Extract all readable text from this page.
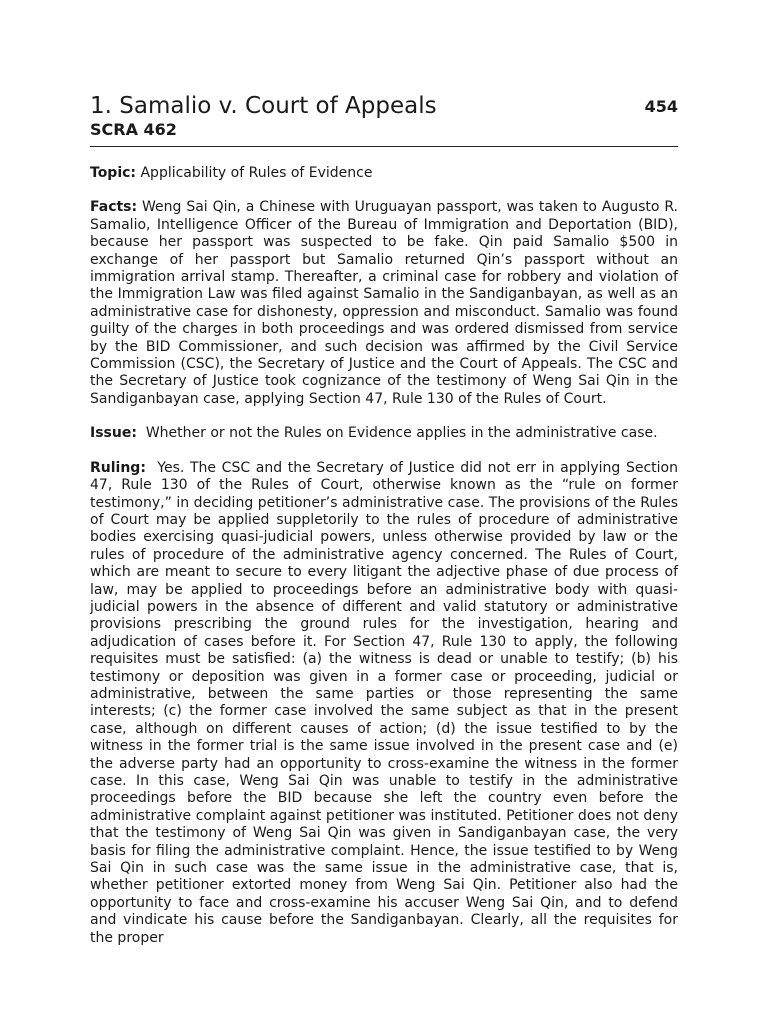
1. Samalio v. Court of Appeals	454
SCRA 462

Topic: Applicability of Rules of Evidence

Facts: Weng Sai Qin, a Chinese with Uruguayan passport, was taken to Augusto R. Samalio, Intelligence Officer of the Bureau of Immigration and Deportation (BID), because her passport was suspected to be fake. Qin paid Samalio $500 in exchange of her passport but Samalio returned Qin’s passport without an immigration arrival stamp. Thereafter, a criminal case for robbery and violation of the Immigration Law was filed against Samalio in the Sandiganbayan, as well as an administrative case for dishonesty, oppression and misconduct. Samalio was found guilty of the charges in both proceedings and was ordered dismissed from service by the BID Commissioner, and such decision was affirmed by the Civil Service Commission (CSC), the Secretary of Justice and the Court of Appeals. The CSC and the Secretary of Justice took cognizance of the testimony of Weng Sai Qin in the Sandiganbayan case, applying Section 47, Rule 130 of the Rules of Court.

Issue: Whether or not the Rules on Evidence applies in the administrative case.

Ruling: Yes. The CSC and the Secretary of Justice did not err in applying Section 47, Rule 130 of the Rules of Court, otherwise known as the “rule on former testimony,” in deciding petitioner’s administrative case. The provisions of the Rules of Court may be applied suppletorily to the rules of procedure of administrative bodies exercising quasi-judicial powers, unless otherwise provided by law or the rules of procedure of the administrative agency concerned. The Rules of Court, which are meant to secure to every litigant the adjective phase of due process of law, may be applied to proceedings before an administrative body with quasi-judicial powers in the absence of different and valid statutory or administrative provisions prescribing the ground rules for the investigation, hearing and adjudication of cases before it. For Section 47, Rule 130 to apply, the following requisites must be satisfied: (a) the witness is dead or unable to testify; (b) his testimony or deposition was given in a former case or proceeding, judicial or administrative, between the same parties or those representing the same interests; (c) the former case involved the same subject as that in the present case, although on different causes of action; (d) the issue testified to by the witness in the former trial is the same issue involved in the present case and (e) the adverse party had an opportunity to cross-examine the witness in the former case. In this case, Weng Sai Qin was unable to testify in the administrative proceedings before the BID because she left the country even before the administrative complaint against petitioner was instituted. Petitioner does not deny that the testimony of Weng Sai Qin was given in Sandiganbayan case, the very basis for filing the administrative complaint. Hence, the issue testified to by Weng Sai Qin in such case was the same issue in the administrative case, that is, whether petitioner extorted money from Weng Sai Qin. Petitioner also had the opportunity to face and cross-examine his accuser Weng Sai Qin, and to defend and vindicate his cause before the Sandiganbayan. Clearly, all the requisites for the proper
